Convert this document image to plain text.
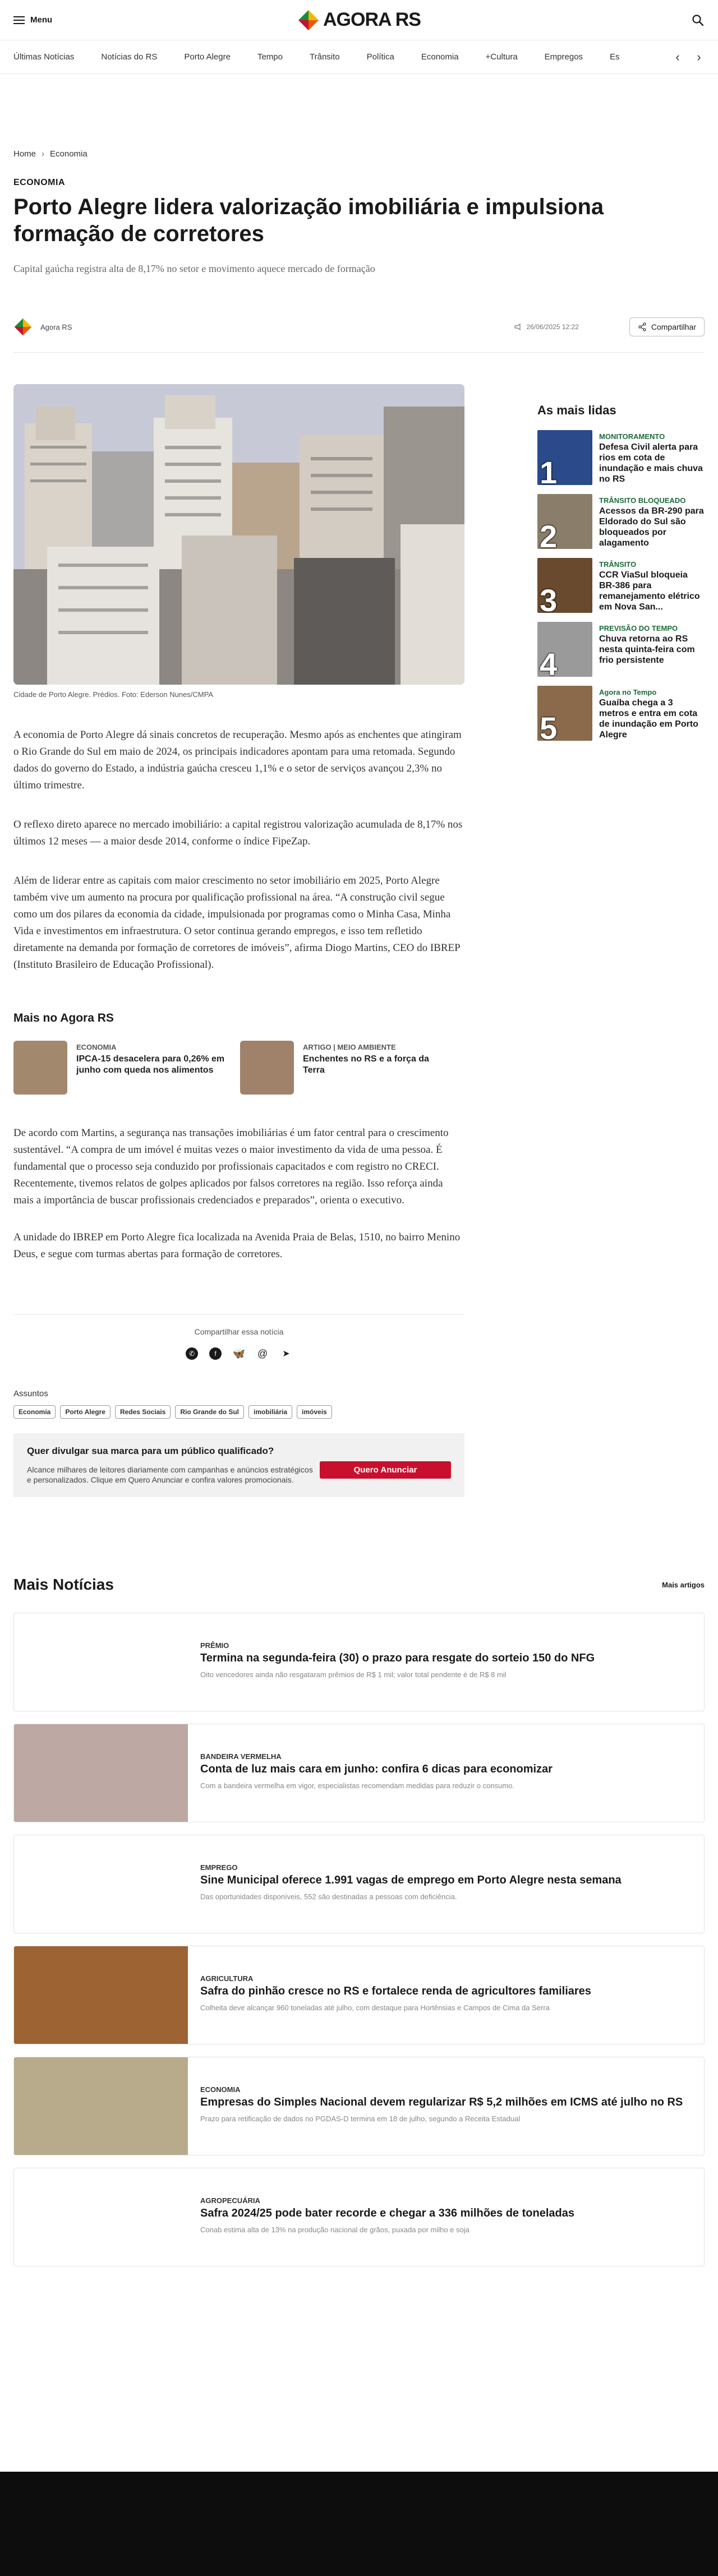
Menu	AGORA RS
Últimas Notícias	Notícias do RS	Porto Alegre	Tempo	Trânsito	Política	Economia	+Cultura	Empregos	Es	‹ ›
Home › Economia
ECONOMIA
Porto Alegre lidera valorização imobiliária e impulsiona formação de corretores
Capital gaúcha registra alta de 8,17% no setor e movimento aquece mercado de formação
Agora RS	26/06/2025 12:22	Compartilhar
Cidade de Porto Alegre. Prédios. Foto: Ederson Nunes/CMPA

A economia de Porto Alegre dá sinais concretos de recuperação. Mesmo após as enchentes que atingiram o Rio Grande do Sul em maio de 2024, os principais indicadores apontam para uma retomada. Segundo dados do governo do Estado, a indústria gaúcha cresceu 1,1% e o setor de serviços avançou 2,3% no último trimestre.

O reflexo direto aparece no mercado imobiliário: a capital registrou valorização acumulada de 8,17% nos últimos 12 meses — a maior desde 2014, conforme o índice FipeZap.

Além de liderar entre as capitais com maior crescimento no setor imobiliário em 2025, Porto Alegre também vive um aumento na procura por qualificação profissional na área. “A construção civil segue como um dos pilares da economia da cidade, impulsionada por programas como o Minha Casa, Minha Vida e investimentos em infraestrutura. O setor continua gerando empregos, e isso tem refletido diretamente na demanda por formação de corretores de imóveis”, afirma Diogo Martins, CEO do IBREP (Instituto Brasileiro de Educação Profissional).

Mais no Agora RS
ECONOMIA
IPCA-15 desacelera para 0,26% em junho com queda nos alimentos
ARTIGO | MEIO AMBIENTE
Enchentes no RS e a força da Terra

De acordo com Martins, a segurança nas transações imobiliárias é um fator central para o crescimento sustentável. “A compra de um imóvel é muitas vezes o maior investimento da vida de uma pessoa. É fundamental que o processo seja conduzido por profissionais capacitados e com registro no CRECI. Recentemente, tivemos relatos de golpes aplicados por falsos corretores na região. Isso reforça ainda mais a importância de buscar profissionais credenciados e preparados”, orienta o executivo.

A unidade do IBREP em Porto Alegre fica localizada na Avenida Praia de Belas, 1510, no bairro Menino Deus, e segue com turmas abertas para formação de corretores.

Compartilhar essa notícia
✆	f	🦋 @ ➤
Assuntos
Economia	Porto Alegre	Redes Sociais	Rio Grande do Sul	imobiliária	imóveis
Quer divulgar sua marca para um público qualificado?
Alcance milhares de leitores diariamente com campanhas e anúncios estratégicos e personalizados. Clique em Quero Anunciar e confira valores promocionais.
Quero Anunciar
As mais lidas
1
MONITORAMENTO
Defesa Civil alerta para rios em cota de inundação e mais chuva no RS
2
TRÂNSITO BLOQUEADO
Acessos da BR-290 para Eldorado do Sul são bloqueados por alagamento
3
TRÂNSITO
CCR ViaSul bloqueia BR-386 para remanejamento elétrico em Nova San...
4
PREVISÃO DO TEMPO
Chuva retorna ao RS nesta quinta-feira com frio persistente
5
Agora no Tempo
Guaíba chega a 3 metros e entra em cota de inundação em Porto Alegre
Mais Notícias	Mais artigos
PRÊMIO
Termina na segunda-feira (30) o prazo para resgate do sorteio 150 do NFG
Oito vencedores ainda não resgataram prêmios de R$ 1 mil; valor total pendente é de R$ 8 mil
BANDEIRA VERMELHA
Conta de luz mais cara em junho: confira 6 dicas para economizar
Com a bandeira vermelha em vigor, especialistas recomendam medidas para reduzir o consumo.
EMPREGO
Sine Municipal oferece 1.991 vagas de emprego em Porto Alegre nesta semana
Das oportunidades disponíveis, 552 são destinadas a pessoas com deficiência.
AGRICULTURA
Safra do pinhão cresce no RS e fortalece renda de agricultores familiares
Colheita deve alcançar 960 toneladas até julho, com destaque para Hortênsias e Campos de Cima da Serra
ECONOMIA
Empresas do Simples Nacional devem regularizar R$ 5,2 milhões em ICMS até julho no RS
Prazo para retificação de dados no PGDAS-D termina em 18 de julho, segundo a Receita Estadual
AGROPECUÁRIA
Safra 2024/25 pode bater recorde e chegar a 336 milhões de toneladas
Conab estima alta de 13% na produção nacional de grãos, puxada por milho e soja
